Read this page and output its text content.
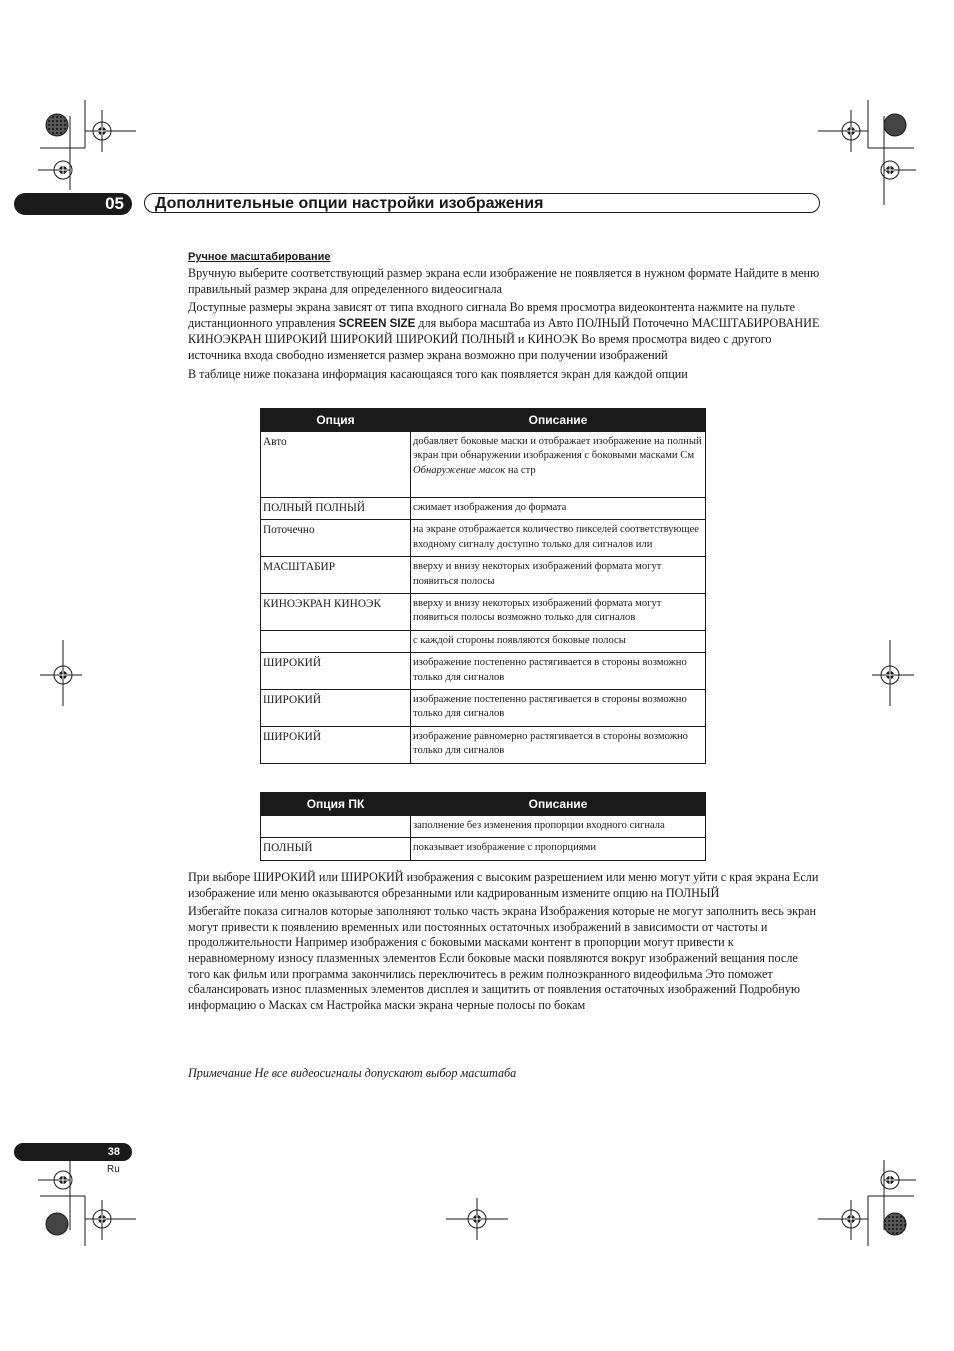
05	Дополнительные опции настройки изображения
Ручное масштабирование

Вручную выберите соответствующий размер экрана если изображение не появляется в нужном формате Найдите в меню правильный размер экрана для определенного видеосигнала

Доступные размеры экрана зависят от типа входного сигнала Во время просмотра видеоконтента нажмите на пульте дистанционного управления SCREEN SIZE для выбора масштаба из Авто ПОЛНЫЙ Поточечно МАСШТАБИРОВАНИЕ КИНОЭКРАН ШИРОКИЙ ШИРОКИЙ ШИРОКИЙ ПОЛНЫЙ и КИНОЭК Во время просмотра видео с другого источника входа свободно изменяется размер экрана возможно при получении изображений

В таблице ниже показана информация касающаяся того как появляется экран для каждой опции

Опция	Описание
Авто	добавляет боковые маски и отображает изображение на полный экран при обнаружении изображения с боковыми масками См Обнаружение масок на стр
ПОЛНЫЙ ПОЛНЫЙ	сжимает изображения до формата
Поточечно	на экране отображается количество пикселей соответствующее входному сигналу доступно только для сигналов или
МАСШТАБИР	вверху и внизу некоторых изображений формата могут появиться полосы
КИНОЭКРАН КИНОЭК	вверху и внизу некоторых изображений формата могут появиться полосы возможно только для сигналов
	с каждой стороны появляются боковые полосы
ШИРОКИЙ	изображение постепенно растягивается в стороны возможно только для сигналов
ШИРОКИЙ	изображение постепенно растягивается в стороны возможно только для сигналов
ШИРОКИЙ	изображение равномерно растягивается в стороны возможно только для сигналов
Опция ПК	Описание
	заполнение без изменения пропорции входного сигнала
ПОЛНЫЙ	показывает изображение с пропорциями

При выборе ШИРОКИЙ или ШИРОКИЙ изображения с высоким разрешением или меню могут уйти с края экрана Если изображение или меню оказываются обрезанными или кадрированным измените опцию на ПОЛНЫЙ

Избегайте показа сигналов которые заполняют только часть экрана Изображения которые не могут заполнить весь экран могут привести к появлению временных или постоянных остаточных изображений в зависимости от частоты и продолжительности Например изображения с боковыми масками контент в пропорции могут привести к неравномерному износу плазменных элементов Если боковые маски появляются вокруг изображений вещания после того как фильм или программа закончились переключитесь в режим полноэкранного видеофильма Это поможет сбалансировать износ плазменных элементов дисплея и защитить от появления остаточных изображений Подробную информацию о Масках см Настройка маски экрана черные полосы по бокам

Примечание Не все видеосигналы допускают выбор масштаба
38
Ru
